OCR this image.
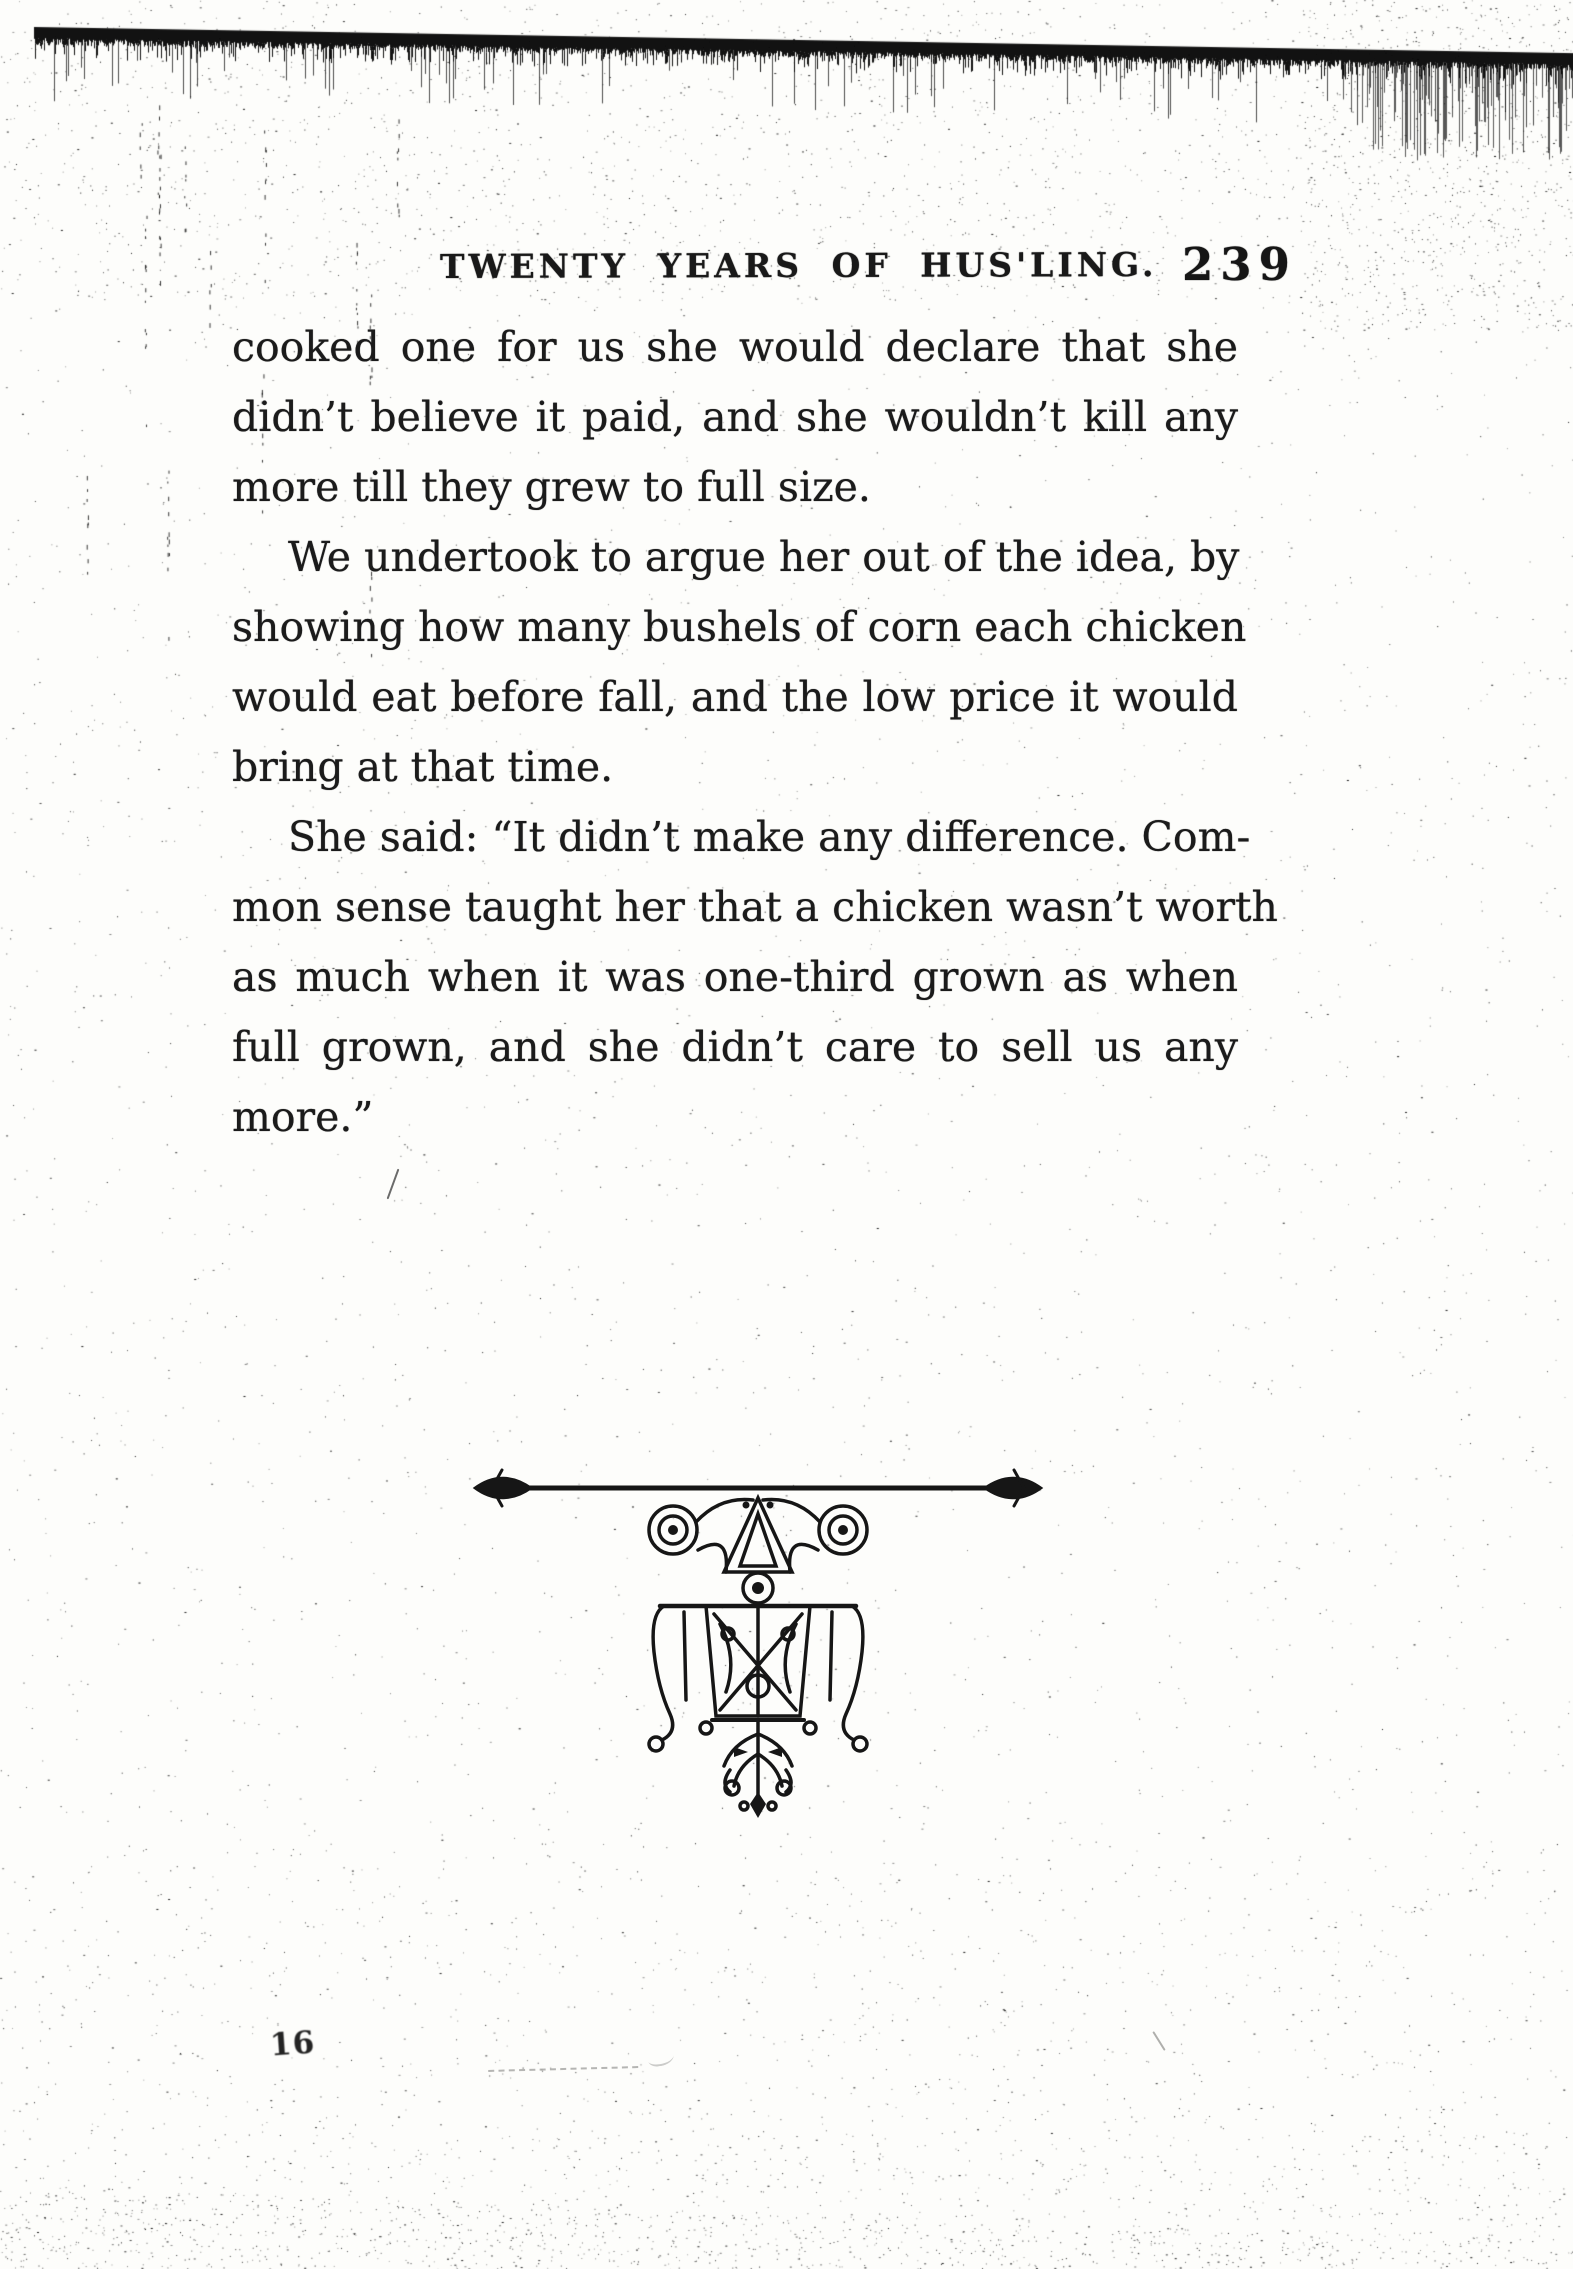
TWENTY YEARS OF HUS'LING. 239
cooked one for us she would declare that she
didn’t believe it paid, and she wouldn’t kill any
more till they grew to full size.
We undertook to argue her out of the idea, by
showing how many bushels of corn each chicken
would eat before fall, and the low price it would
bring at that time.
She said: “It didn’t make any difference. Com-
mon sense taught her that a chicken wasn’t worth
as much when it was one-third grown as when
full grown, and she didn’t care to sell us any
more.”
16
